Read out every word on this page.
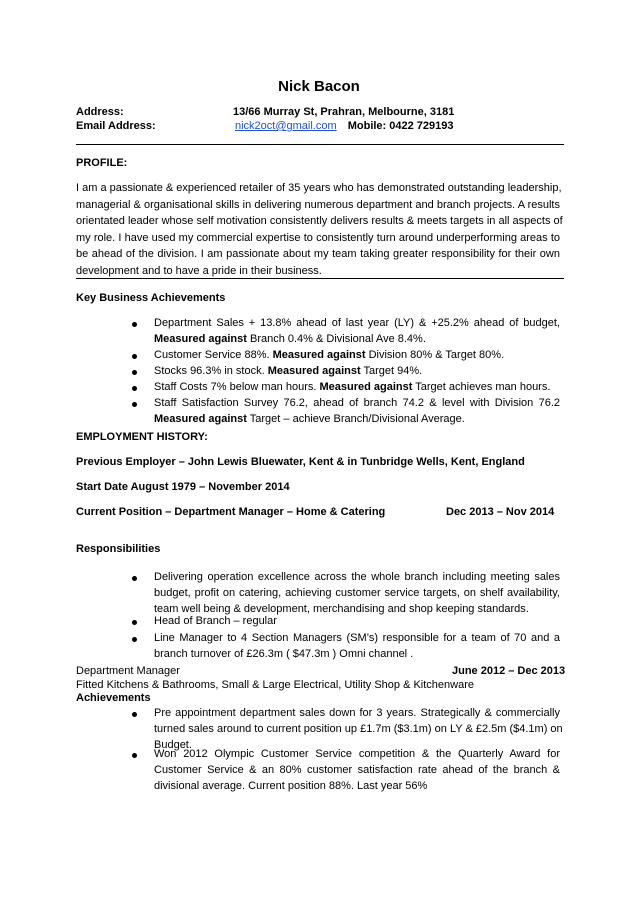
Nick Bacon
Address:	13/66 Murray St, Prahran, Melbourne, 3181
Email Address:	nick2oct@gmail.com Mobile: 0422 729193
PROFILE:
I am a passionate & experienced retailer of 35 years who has demonstrated outstanding leadership,
managerial & organisational skills in delivering numerous department and branch projects. A results
orientated leader whose self motivation consistently delivers results & meets targets in all aspects of
my role. I have used my commercial expertise to consistently turn around underperforming areas to
be ahead of the division. I am passionate about my team taking greater responsibility for their own
development and to have a pride in their business.
Key Business Achievements
Department Sales + 13.8% ahead of last year (LY) & +25.2% ahead of budget,
Measured against Branch 0.4% & Divisional Ave 8.4%.
Customer Service 88%. Measured against Division 80% & Target 80%.
Stocks 96.3% in stock. Measured against Target 94%.
Staff Costs 7% below man hours. Measured against Target achieves man hours.
Staff Satisfaction Survey 76.2, ahead of branch 74.2 & level with Division 76.2
Measured against Target – achieve Branch/Divisional Average.
EMPLOYMENT HISTORY:
Previous Employer – John Lewis Bluewater, Kent & in Tunbridge Wells, Kent, England
Start Date August 1979 – November 2014
Current Position – Department Manager – Home & Catering	Dec 2013 – Nov 2014
Responsibilities
Delivering operation excellence across the whole branch including meeting sales
budget, profit on catering, achieving customer service targets, on shelf availability,
team well being & development, merchandising and shop keeping standards.
Head of Branch – regular
Line Manager to 4 Section Managers (SM’s) responsible for a team of 70 and a
branch turnover of £26.3m ( $47.3m ) Omni channel .
Department Manager	June 2012 – Dec 2013
Fitted Kitchens & Bathrooms, Small & Large Electrical, Utility Shop & Kitchenware
Achievements
Pre appointment department sales down for 3 years. Strategically & commercially
turned sales around to current position up £1.7m ($3.1m) on LY & £2.5m ($4.1m) on
Budget.
Won 2012 Olympic Customer Service competition & the Quarterly Award for
Customer Service & an 80% customer satisfaction rate ahead of the branch &
divisional average. Current position 88%. Last year 56%
